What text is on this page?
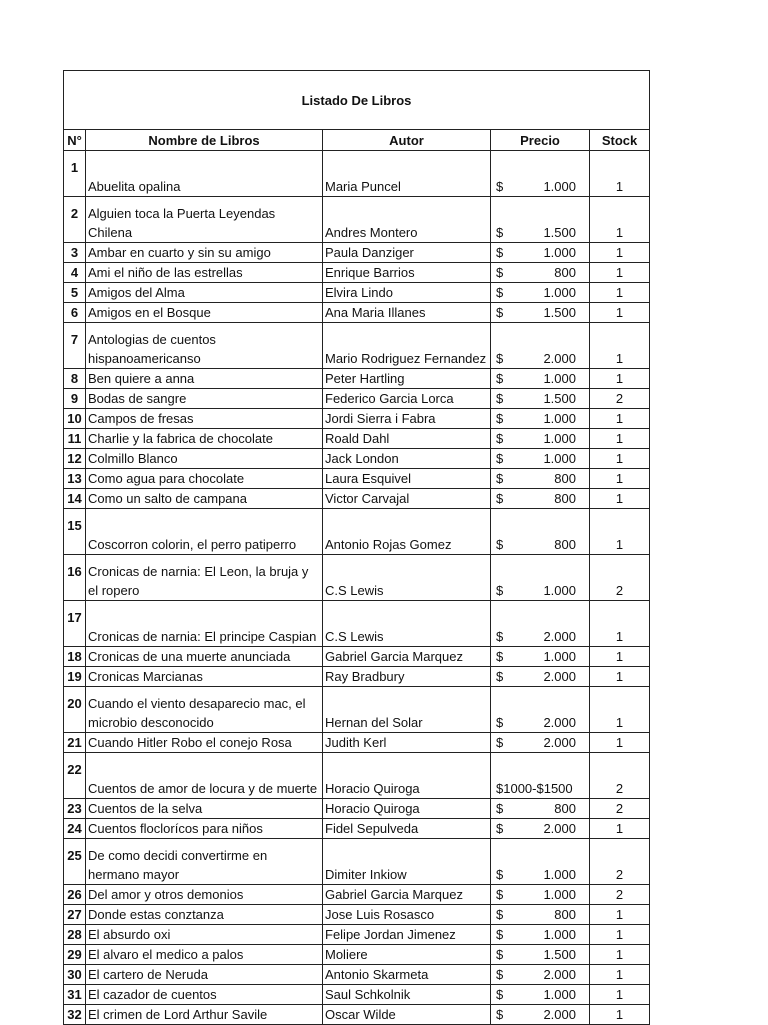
Listado De Libros				
N°	Nombre de Libros	Autor	Precio	Stock
1	Abuelita opalina	Maria Puncel	$ 1.000	1
2	Alguien toca la Puerta Leyendas Chilena	Andres Montero	$ 1.500	1
3	Ambar en cuarto y sin su amigo	Paula Danziger	$ 1.000	1
4	Ami el niño de las estrellas	Enrique Barrios	$ 800	1
5	Amigos del Alma	Elvira Lindo	$ 1.000	1
6	Amigos en el Bosque	Ana Maria Illanes	$ 1.500	1
7	Antologias de cuentos hispanoamericanso	Mario Rodriguez Fernandez	$ 2.000	1
8	Ben quiere a anna	Peter Hartling	$ 1.000	1
9	Bodas de sangre	Federico Garcia Lorca	$ 1.500	2
10	Campos de fresas	Jordi Sierra i Fabra	$ 1.000	1
11	Charlie y la fabrica de chocolate	Roald Dahl	$ 1.000	1
12	Colmillo Blanco	Jack London	$ 1.000	1
13	Como agua para chocolate	Laura Esquivel	$ 800	1
14	Como un salto de campana	Victor Carvajal	$ 800	1
15	Coscorron colorin, el perro patiperro	Antonio Rojas Gomez	$ 800	1
16	Cronicas de narnia: El Leon, la bruja y el ropero	C.S Lewis	$ 1.000	2
17	Cronicas de narnia: El principe Caspian	C.S Lewis	$ 2.000	1
18	Cronicas de una muerte anunciada	Gabriel Garcia Marquez	$ 1.000	1
19	Cronicas Marcianas	Ray Bradbury	$ 2.000	1
20	Cuando el viento desaparecio mac, el microbio desconocido	Hernan del Solar	$ 2.000	1
21	Cuando Hitler Robo el conejo Rosa	Judith Kerl	$ 2.000	1
22	Cuentos de amor de locura y de muerte	Horacio Quiroga	$1000-$1500	2
23	Cuentos de la selva	Horacio Quiroga	$ 800	2
24	Cuentos floclorícos para niños	Fidel Sepulveda	$ 2.000	1
25	De como decidi convertirme en hermano mayor	Dimiter Inkiow	$ 1.000	2
26	Del amor y otros demonios	Gabriel Garcia Marquez	$ 1.000	2
27	Donde estas conztanza	Jose Luis Rosasco	$ 800	1
28	El absurdo oxi	Felipe Jordan Jimenez	$ 1.000	1
29	El alvaro el medico a palos	Moliere	$ 1.500	1
30	El cartero de Neruda	Antonio Skarmeta	$ 2.000	1
31	El cazador de cuentos	Saul Schkolnik	$ 1.000	1
32	El crimen de Lord Arthur Savile	Oscar Wilde	$ 2.000	1
